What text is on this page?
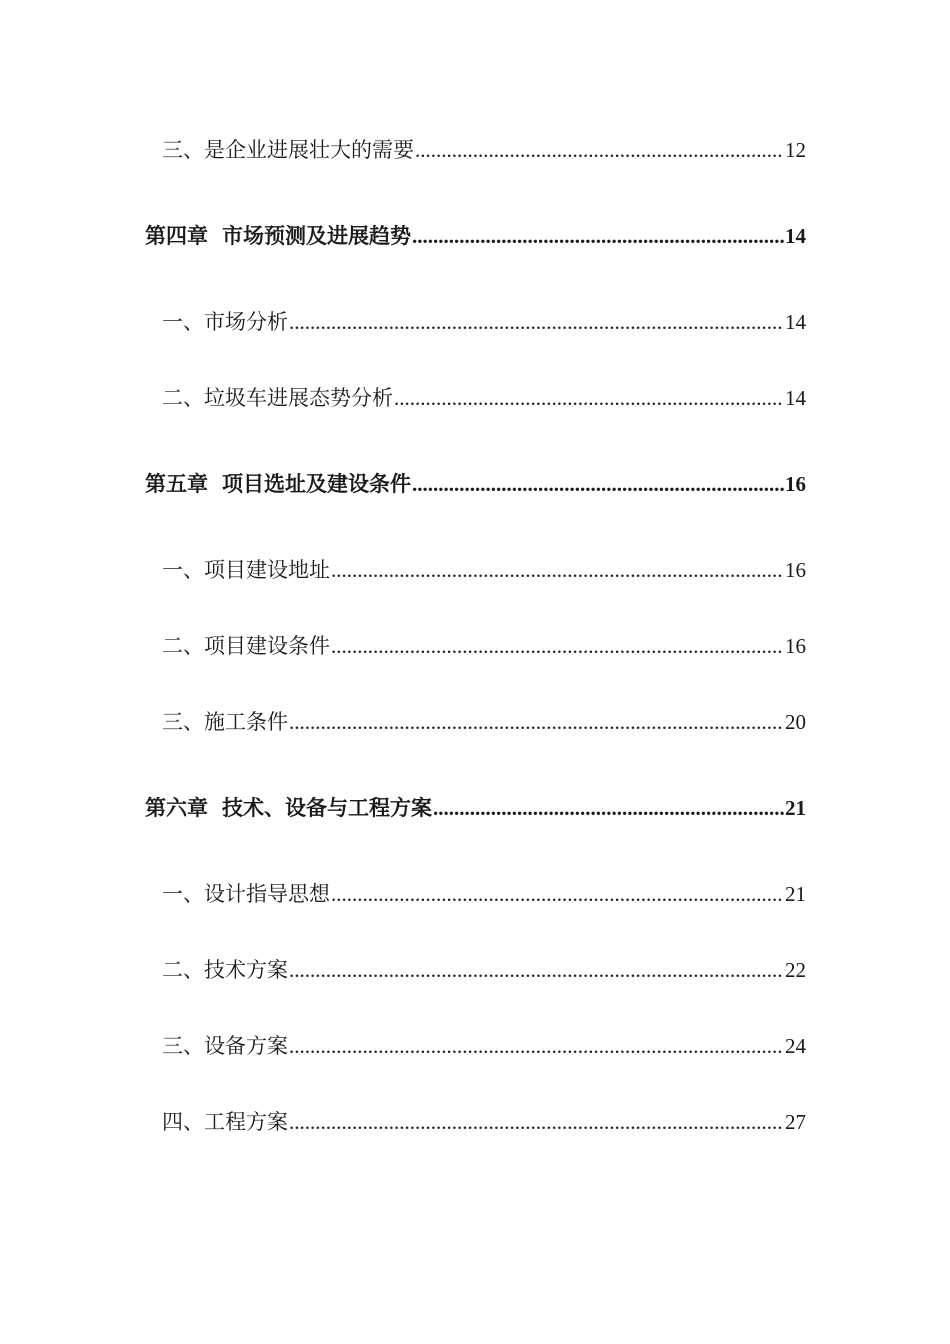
三、是企业进展壮大的需要 .....	12
第四章 市场预测及进展趋势 .....	14
一、市场分析 .....	14
二、垃圾车进展态势分析 .....	14
第五章 项目选址及建设条件 .....	16
一、项目建设地址 .....	16
二、项目建设条件 .....	16
三、施工条件 .....	20
第六章 技术、设备与工程方案 .....	21
一、设计指导思想 .....	21
二、技术方案 .....	22
三、设备方案 .....	24
四、工程方案 .....	27
